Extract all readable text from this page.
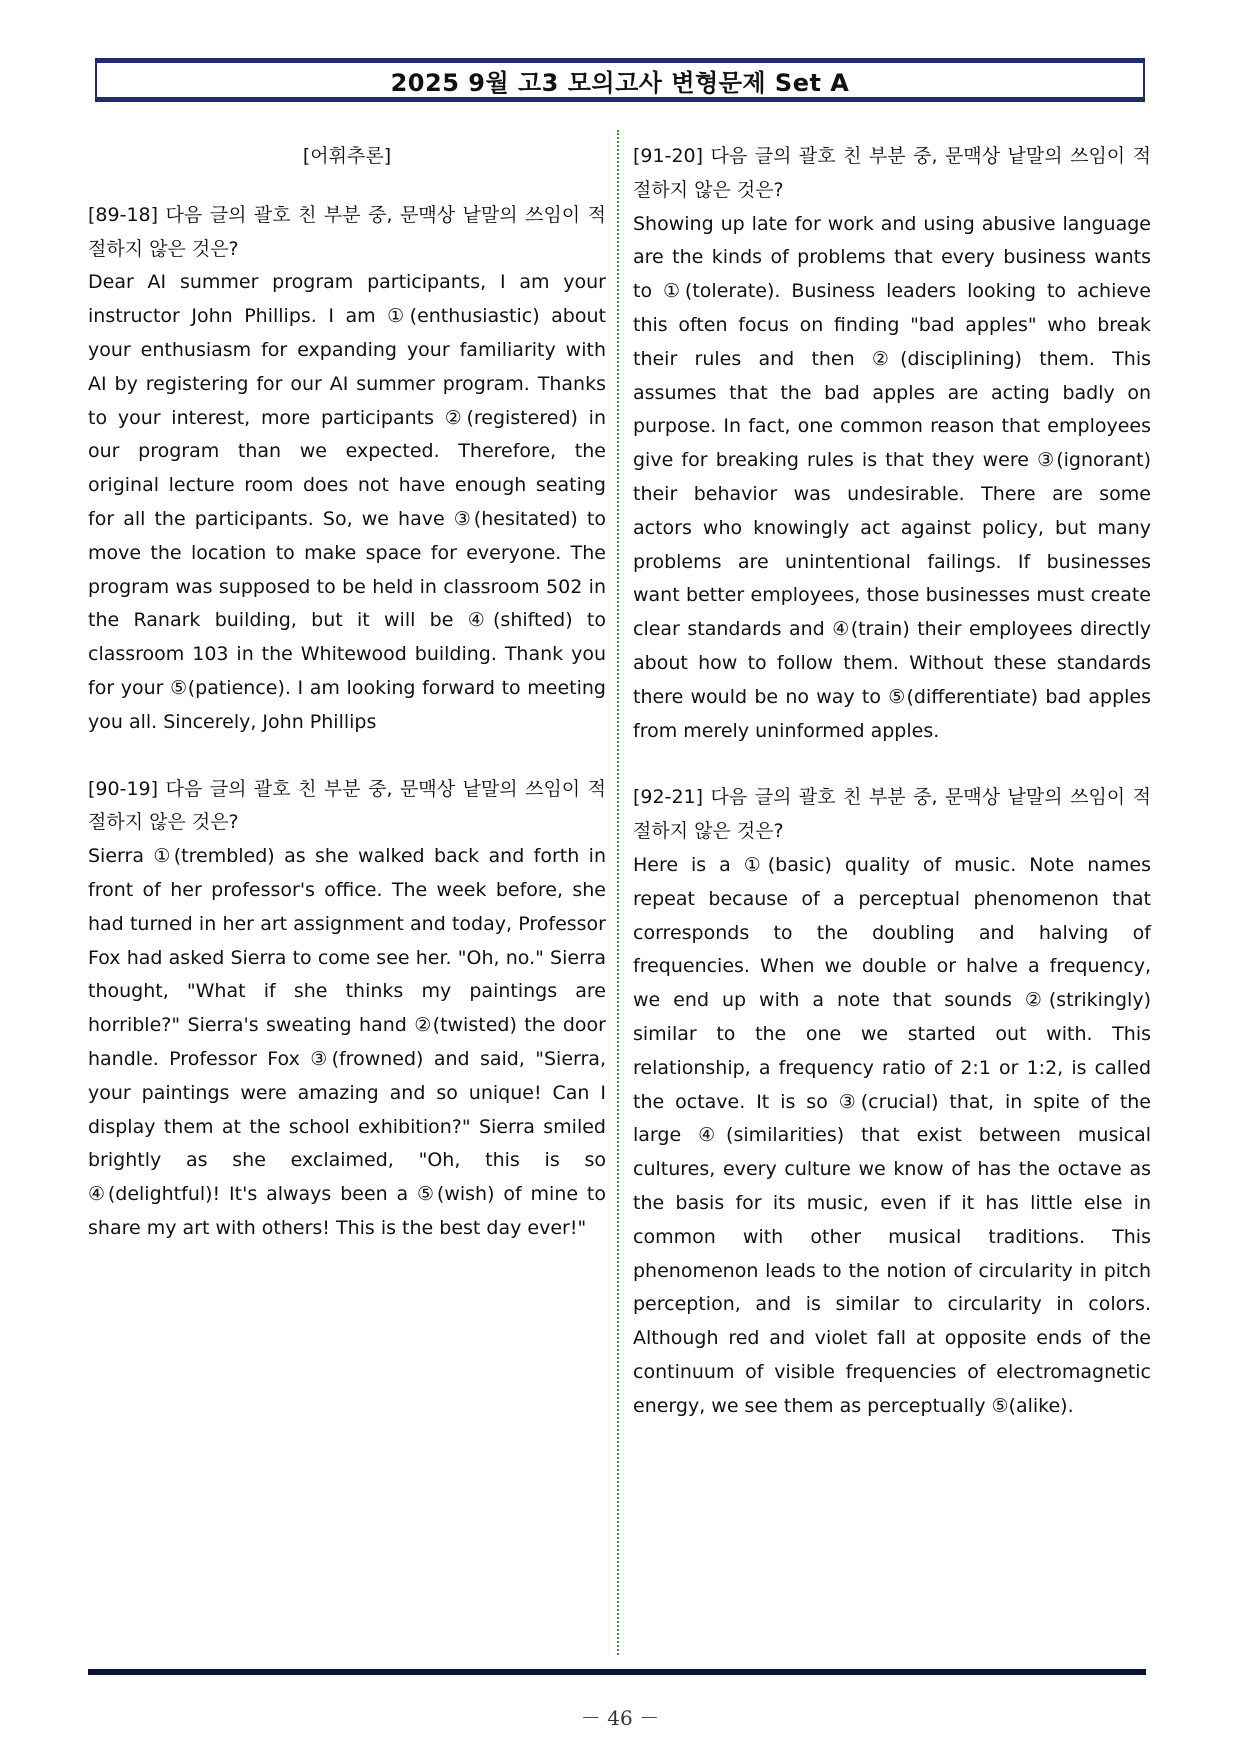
2025 9월 고3 모의고사 변형문제 Set A
[어휘추론]
[89-18] 다음 글의 괄호 친 부분 중, 문맥상 낱말의 쓰임이 적절하지 않은 것은?
Dear AI summer program participants, I am your instructor John Phillips. I am ①(enthusiastic) about your enthusiasm for expanding your familiarity with AI by registering for our AI summer program. Thanks to your interest, more participants ②(registered) in our program than we expected. Therefore, the original lecture room does not have enough seating for all the participants. So, we have ③(hesitated) to move the location to make space for everyone. The program was supposed to be held in classroom 502 in the Ranark building, but it will be ④(shifted) to classroom 103 in the Whitewood building. Thank you for your ⑤(patience). I am looking forward to meeting you all. Sincerely, John Phillips
[90-19] 다음 글의 괄호 친 부분 중, 문맥상 낱말의 쓰임이 적절하지 않은 것은?
Sierra ①(trembled) as she walked back and forth in front of her professor's office. The week before, she had turned in her art assignment and today, Professor Fox had asked Sierra to come see her. "Oh, no." Sierra thought, "What if she thinks my paintings are horrible?" Sierra's sweating hand ②(twisted) the door handle. Professor Fox ③(frowned) and said, "Sierra, your paintings were amazing and so unique! Can I display them at the school exhibition?" Sierra smiled brightly as she exclaimed, "Oh, this is so ④(delightful)! It's always been a ⑤(wish) of mine to share my art with others! This is the best day ever!"
[91-20] 다음 글의 괄호 친 부분 중, 문맥상 낱말의 쓰임이 적절하지 않은 것은?
Showing up late for work and using abusive language are the kinds of problems that every business wants to ①(tolerate). Business leaders looking to achieve this often focus on finding "bad apples" who break their rules and then ②(disciplining) them. This assumes that the bad apples are acting badly on purpose. In fact, one common reason that employees give for breaking rules is that they were ③(ignorant) their behavior was undesirable. There are some actors who knowingly act against policy, but many problems are unintentional failings. If businesses want better employees, those businesses must create clear standards and ④(train) their employees directly about how to follow them. Without these standards there would be no way to ⑤(differentiate) bad apples from merely uninformed apples.
[92-21] 다음 글의 괄호 친 부분 중, 문맥상 낱말의 쓰임이 적절하지 않은 것은?
Here is a ①(basic) quality of music. Note names repeat because of a perceptual phenomenon that corresponds to the doubling and halving of frequencies. When we double or halve a frequency, we end up with a note that sounds ②(strikingly) similar to the one we started out with. This relationship, a frequency ratio of 2:1 or 1:2, is called the octave. It is so ③(crucial) that, in spite of the large ④(similarities) that exist between musical cultures, every culture we know of has the octave as the basis for its music, even if it has little else in common with other musical traditions. This phenomenon leads to the notion of circularity in pitch perception, and is similar to circularity in colors. Although red and violet fall at opposite ends of the continuum of visible frequencies of electromagnetic energy, we see them as perceptually ⑤(alike).
－ 46 －
